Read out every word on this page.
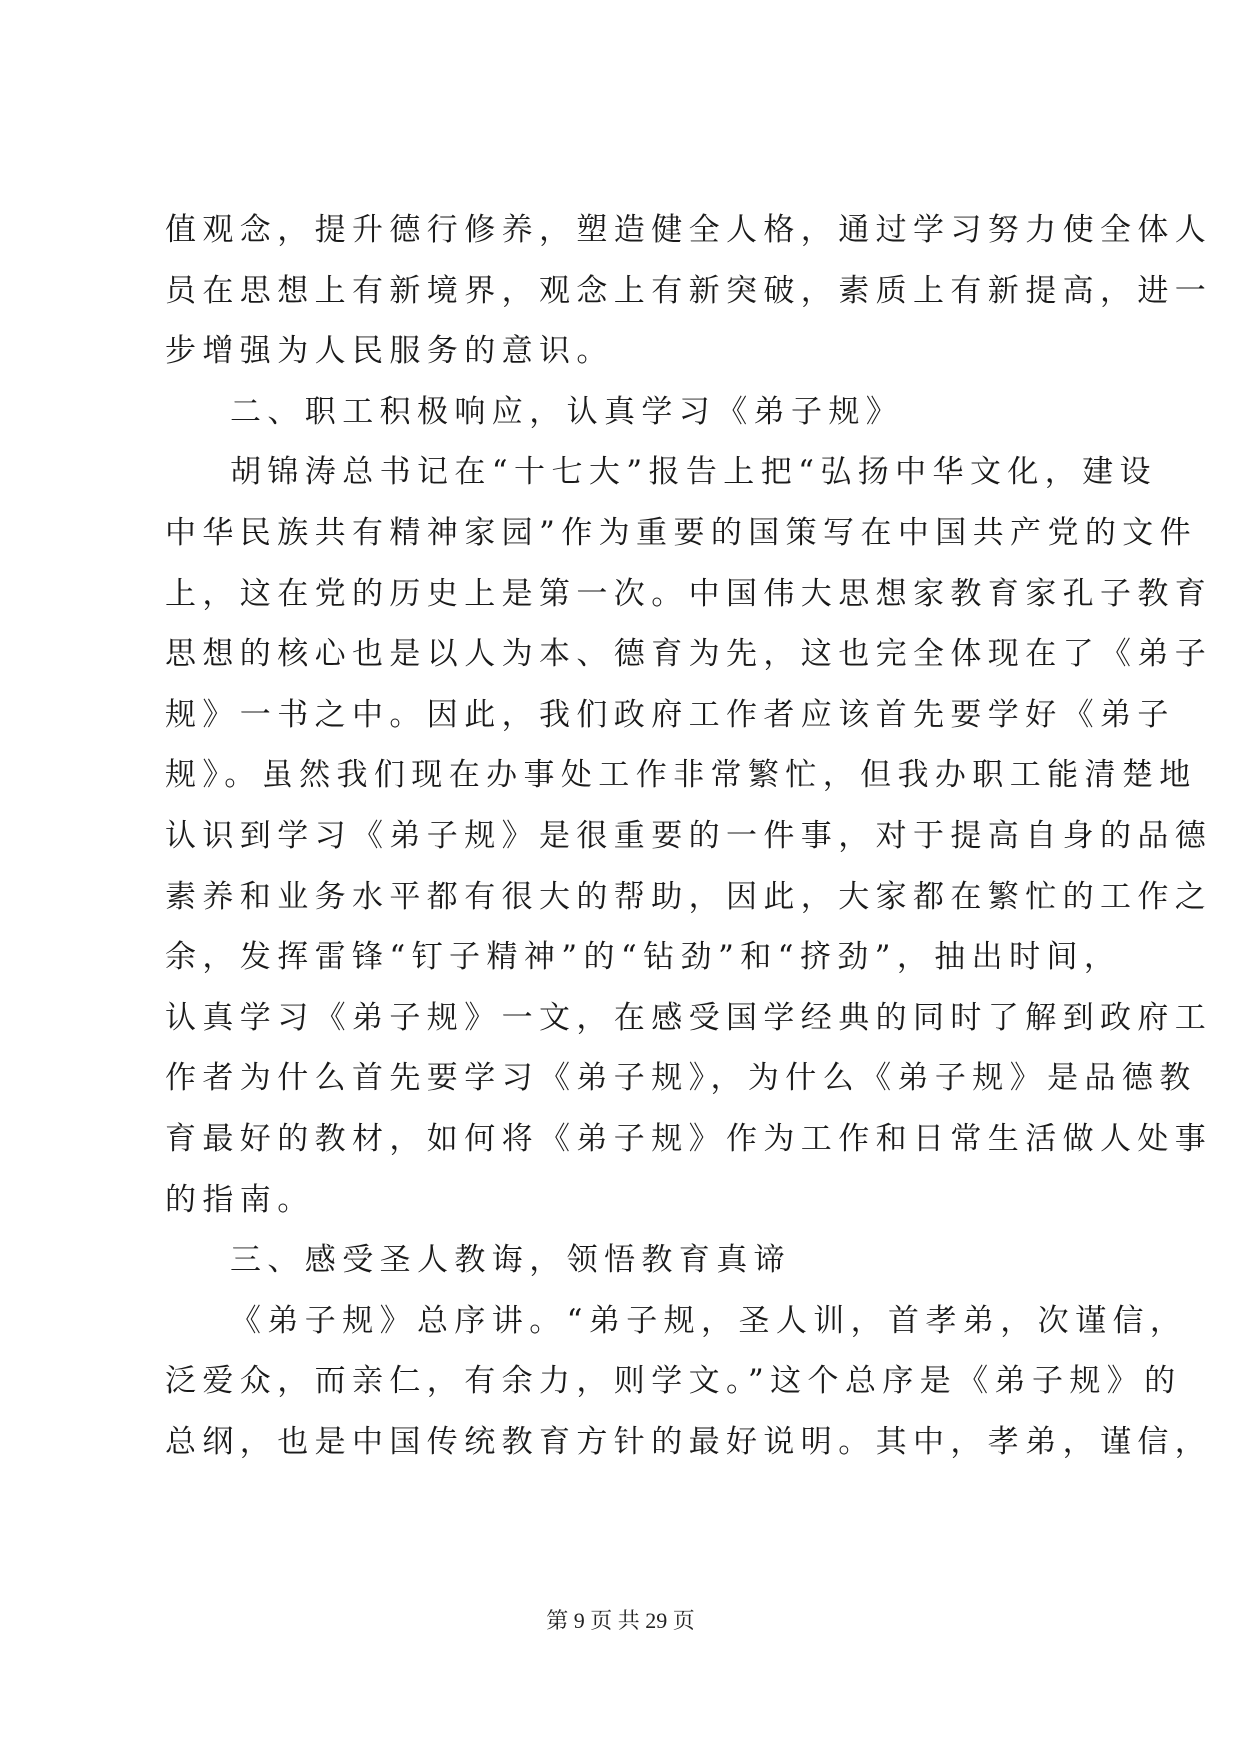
值观念，提升德行修养，塑造健全人格，通过学习努力使全体人
员在思想上有新境界，观念上有新突破，素质上有新提高，进一
步增强为人民服务的意识。
二、职工积极响应，认真学习《弟子规》
胡锦涛总书记在“十七大”报告上把“弘扬中华文化，建设
中华民族共有精神家园”作为重要的国策写在中国共产党的文件
上，这在党的历史上是第一次。中国伟大思想家教育家孔子教育
思想的核心也是以人为本、德育为先，这也完全体现在了《弟子
规》一书之中。因此，我们政府工作者应该首先要学好《弟子
规》。虽然我们现在办事处工作非常繁忙，但我办职工能清楚地
认识到学习《弟子规》是很重要的一件事，对于提高自身的品德
素养和业务水平都有很大的帮助，因此，大家都在繁忙的工作之
余，发挥雷锋“钉子精神”的“钻劲”和“挤劲”，抽出时间，
认真学习《弟子规》一文，在感受国学经典的同时了解到政府工
作者为什么首先要学习《弟子规》，为什么《弟子规》是品德教
育最好的教材，如何将《弟子规》作为工作和日常生活做人处事
的指南。
三、感受圣人教诲，领悟教育真谛
《弟子规》总序讲。“弟子规，圣人训，首孝弟，次谨信，
泛爱众，而亲仁，有余力，则学文。”这个总序是《弟子规》的
总纲，也是中国传统教育方针的最好说明。其中，孝弟，谨信，
第 9 页 共 29 页
